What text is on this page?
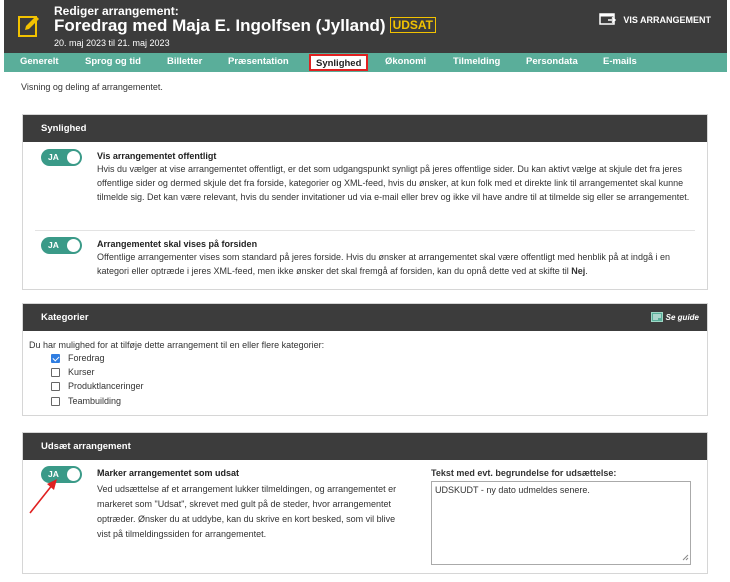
Rediger arrangement:
Foredrag med Maja E. Ingolfsen (Jylland) UDSAT
20. maj 2023 til 21. maj 2023
VIS ARRANGEMENT
Generelt	Sprog og tid	Billetter	Præsentation	Synlighed	Økonomi	Tilmelding	Persondata	E-mails
Visning og deling af arrangementet.
Synlighed
JA	Vis arrangementet offentligt
Hvis du vælger at vise arrangementet offentligt, er det som udgangspunkt synligt på jeres offentlige sider. Du kan aktivt vælge at skjule det fra jeres offentlige sider og dermed skjule det fra forside, kategorier og XML-feed, hvis du ønsker, at kun folk med et direkte link til arrangementet skal kunne tilmelde sig. Det kan være relevant, hvis du sender invitationer ud via e-mail eller brev og ikke vil have andre til at tilmelde sig eller se arrangementet.
JA	Arrangementet skal vises på forsiden
Offentlige arrangementer vises som standard på jeres forside. Hvis du ønsker at arrangementet skal være offentligt med henblik på at indgå i en kategori eller optræde i jeres XML-feed, men ikke ønsker det skal fremgå af forsiden, kan du opnå dette ved at skifte til Nej.
Kategorier	Se guide
Du har mulighed for at tilføje dette arrangement til en eller flere kategorier:
Foredrag
Kurser
Produktlanceringer
Teambuilding
Udsæt arrangement
JA	Marker arrangementet som udsat
Ved udsættelse af et arrangement lukker tilmeldingen, og arrangementet er markeret som "Udsat", skrevet med gult på de steder, hvor arrangementet optræder. Ønsker du at uddybe, kan du skrive en kort besked, som vil blive vist på tilmeldingssiden for arrangementet.
Tekst med evt. begrundelse for udsættelse:
UDSKUDT - ny dato udmeldes senere.
